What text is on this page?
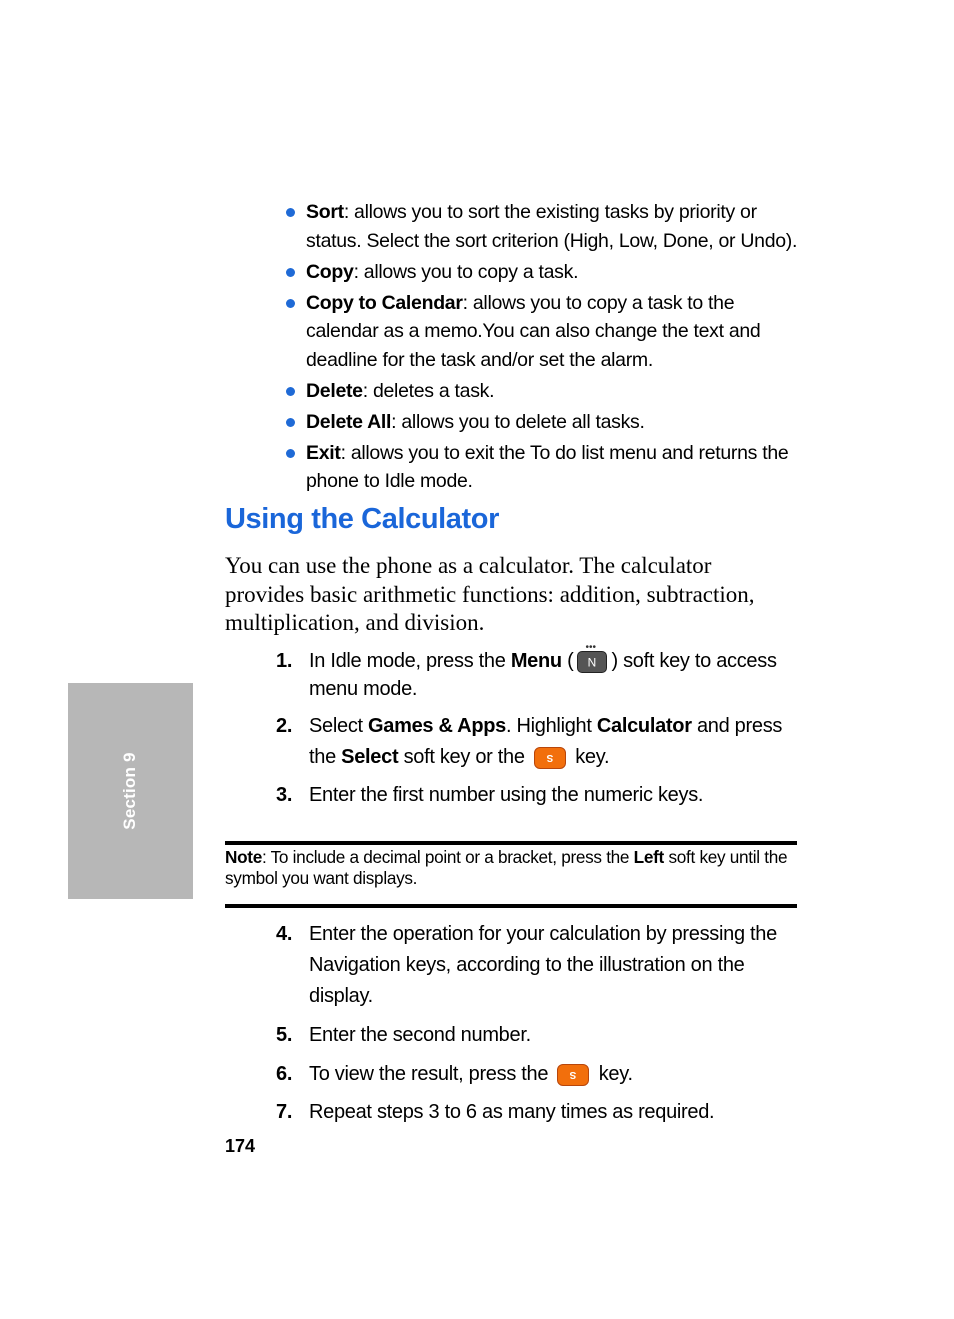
Section 9
Sort: allows you to sort the existing tasks by priority or status. Select the sort criterion (High, Low, Done, or Undo).
Copy: allows you to copy a task.
Copy to Calendar: allows you to copy a task to the calendar as a memo.You can also change the text and deadline for the task and/or set the alarm.
Delete: deletes a task.
Delete All: allows you to delete all tasks.
Exit: allows you to exit the To do list menu and returns the phone to Idle mode.
Using the Calculator
You can use the phone as a calculator. The calculator provides basic arithmetic functions: addition, subtraction, multiplication, and division.
1. In Idle mode, press the Menu (
•••
N ) soft key to access menu mode.
2. Select Games & Apps. Highlight Calculator and press the Select soft key or the	S key.
3. Enter the first number using the numeric keys.
Note: To include a decimal point or a bracket, press the Left soft key until the symbol you want displays.
4. Enter the operation for your calculation by pressing the Navigation keys, according to the illustration on the display.
5. Enter the second number.
6. To view the result, press the	S key.
7. Repeat steps 3 to 6 as many times as required.
174
